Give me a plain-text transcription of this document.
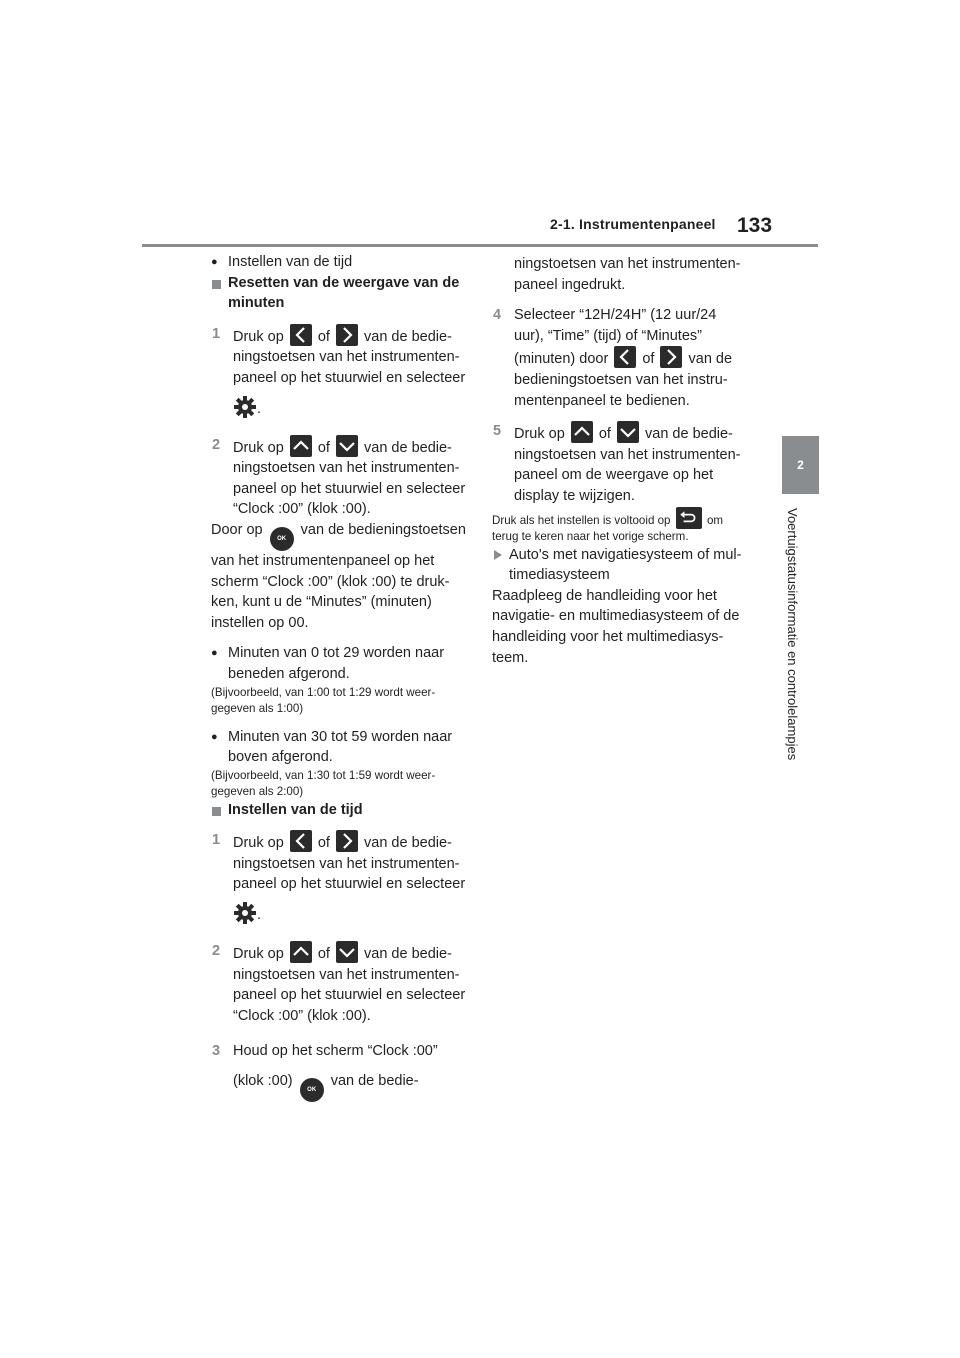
2-1. Instrumentenpaneel 133
2
Voertuigstatusinformatie en controlelampjes

● Instellen van de tijd

Resetten van de weergave van de minuten

1 Druk op of van de bedie-ningstoetsen van het instrumenten-paneel op het stuurwiel en selecteer
.
2 Druk op of van de bedie-ningstoetsen van het instrumenten-paneel op het stuurwiel en selecteer “Clock :00” (klok :00).

Door op OK van de bedieningstoetsen van het instrumentenpaneel op het scherm “Clock :00” (klok :00) te druk-ken, kunt u de “Minutes” (minuten) instellen op 00.

● Minuten van 0 tot 29 worden naar beneden afgerond.

(Bijvoorbeeld, van 1:00 tot 1:29 wordt weer-gegeven als 1:00)

● Minuten van 30 tot 59 worden naar boven afgerond.

(Bijvoorbeeld, van 1:30 tot 1:59 wordt weer-gegeven als 2:00)

Instellen van de tijd

1 Druk op of van de bedie-ningstoetsen van het instrumenten-paneel op het stuurwiel en selecteer
.
2 Druk op of van de bedie-ningstoetsen van het instrumenten-paneel op het stuurwiel en selecteer “Clock :00” (klok :00).
3 Houd op het scherm “Clock :00” (klok :00) OK van de bedie-

ningstoetsen van het instrumenten-paneel ingedrukt.

4 Selecteer “12H/24H” (12 uur/24 uur), “Time” (tijd) of “Minutes” (minuten) door of van de bedieningstoetsen van het instru-mentenpaneel te bedienen.
5 Druk op of van de bedie-ningstoetsen van het instrumenten-paneel om de weergave op het display te wijzigen.

Druk als het instellen is voltooid op	om terug te keren naar het vorige scherm.

Auto's met navigatiesysteem of mul-timediasysteem

Raadpleeg de handleiding voor het navigatie- en multimediasysteem of de handleiding voor het multimediasys-teem.
